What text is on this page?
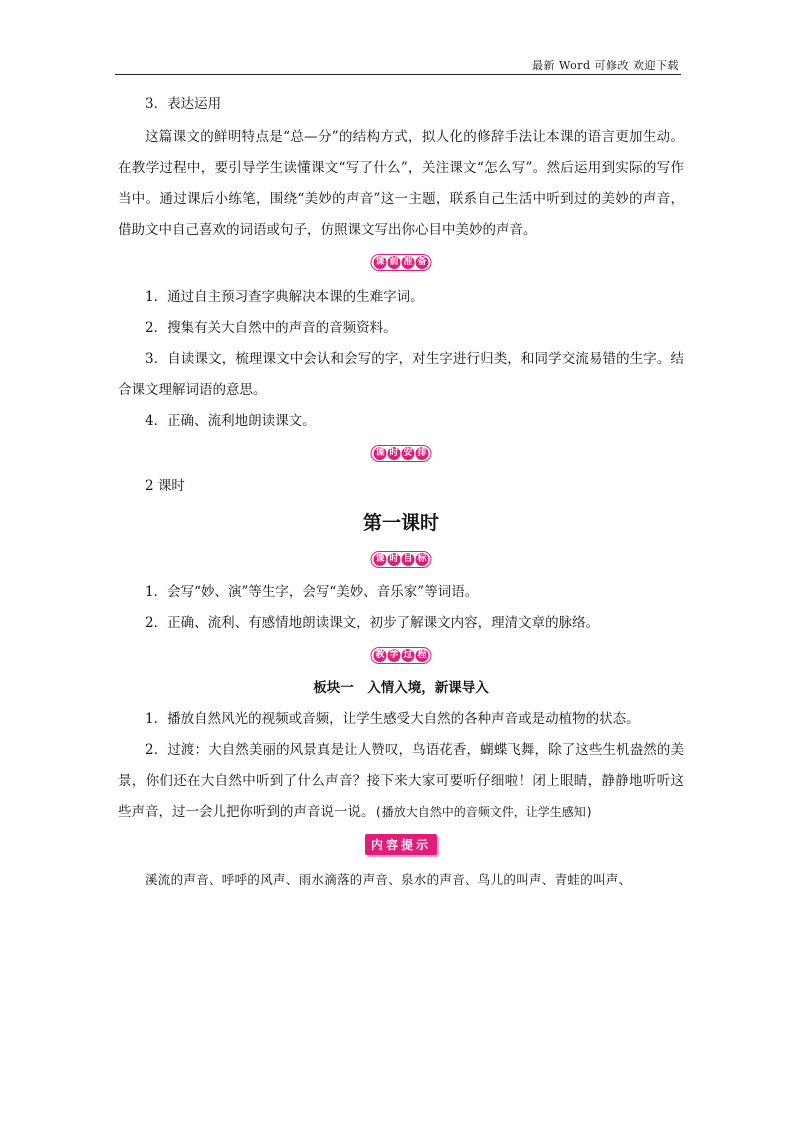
最新 Word 可修改 欢迎下载

3．表达运用

这篇课文的鲜明特点是“总—分”的结构方式，拟人化的修辞手法让本课的语言更加生动。在教学过程中，要引导学生读懂课文“写了什么”，关注课文“怎么写”。然后运用到实际的写作当中。通过课后小练笔，围绕“美妙的声音”这一主题，联系自己生活中听到过的美妙的声音，借助文中自己喜欢的词语或句子，仿照课文写出你心目中美妙的声音。

课 前 准 备

1．通过自主预习查字典解决本课的生难字词。

2．搜集有关大自然中的声音的音频资料。

3．自读课文，梳理课文中会认和会写的字，对生字进行归类，和同学交流易错的生字。结合课文理解词语的意思。

4．正确、流利地朗读课文。

课 时 安 排

2 课时

第一课时
课 时 目 标

1．会写“妙、演”等生字，会写“美妙、音乐家”等词语。

2．正确、流利、有感情地朗读课文，初步了解课文内容，理清文章的脉络。

教 学 过 程
板块一　入情入境，新课导入

1．播放自然风光的视频或音频，让学生感受大自然的各种声音或是动植物的状态。

2．过渡：大自然美丽的风景真是让人赞叹，鸟语花香，蝴蝶飞舞，除了这些生机盎然的美景，你们还在大自然中听到了什么声音？接下来大家可要听仔细啦！闭上眼睛，静静地听听这些声音，过一会儿把你听到的声音说一说。(播放大自然中的音频文件，让学生感知)

内容提示

溪流的声音、呼呼的风声、雨水滴落的声音、泉水的声音、鸟儿的叫声、青蛙的叫声、
